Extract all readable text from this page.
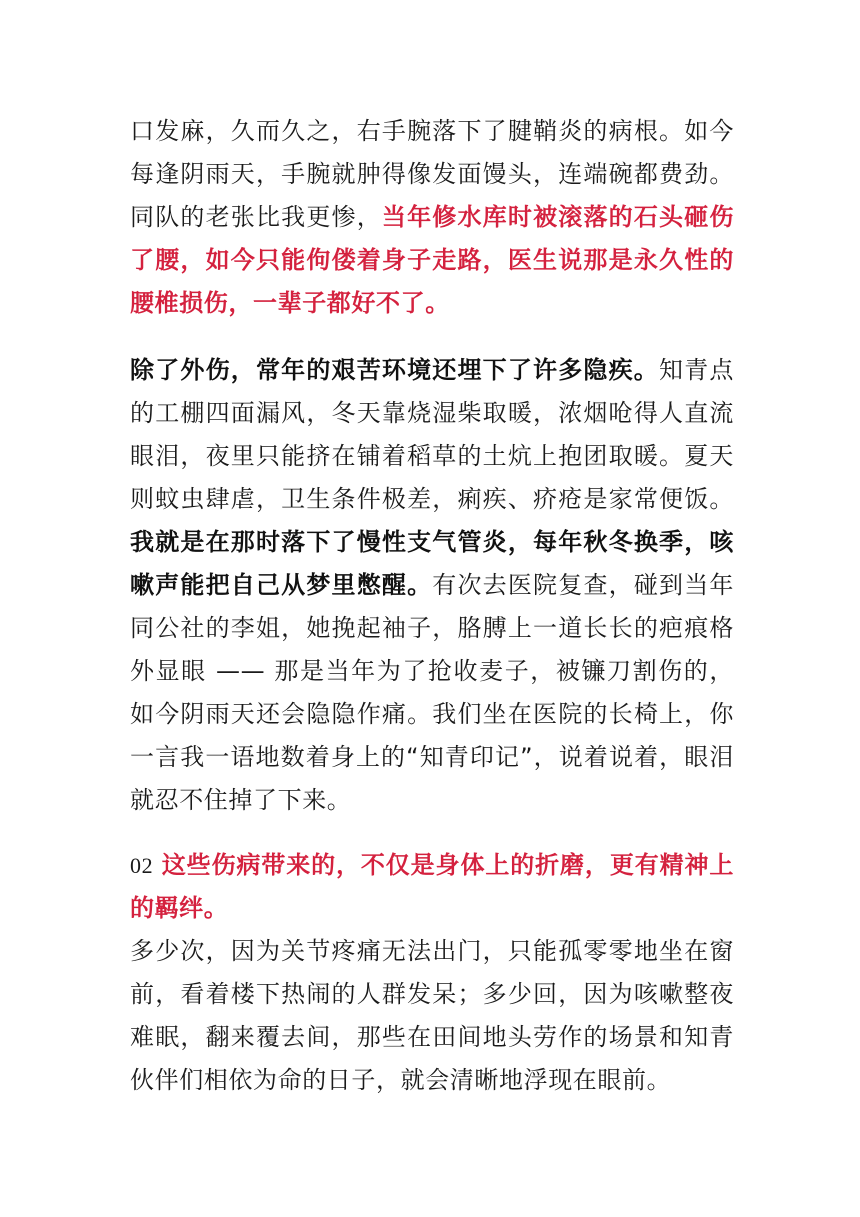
口发麻，久而久之，右手腕落下了腱鞘炎的病根。如今每逢阴雨天，手腕就肿得像发面馒头，连端碗都费劲。同队的老张比我更惨，当年修水库时被滚落的石头砸伤了腰，如今只能佝偻着身子走路，医生说那是永久性的腰椎损伤，一辈子都好不了。

除了外伤，常年的艰苦环境还埋下了许多隐疾。知青点的工棚四面漏风，冬天靠烧湿柴取暖，浓烟呛得人直流眼泪，夜里只能挤在铺着稻草的土炕上抱团取暖。夏天则蚊虫肆虐，卫生条件极差，痢疾、疥疮是家常便饭。我就是在那时落下了慢性支气管炎，每年秋冬换季，咳嗽声能把自己从梦里憋醒。有次去医院复查，碰到当年同公社的李姐，她挽起袖子，胳膊上一道长长的疤痕格外显眼 —— 那是当年为了抢收麦子，被镰刀割伤的，如今阴雨天还会隐隐作痛。我们坐在医院的长椅上，你一言我一语地数着身上的“知青印记”，说着说着，眼泪就忍不住掉了下来。

02 这些伤病带来的，不仅是身体上的折磨，更有精神上的羁绊。

多少次，因为关节疼痛无法出门，只能孤零零地坐在窗前，看着楼下热闹的人群发呆；多少回，因为咳嗽整夜难眠，翻来覆去间，那些在田间地头劳作的场景和知青伙伴们相依为命的日子，就会清晰地浮现在眼前。
